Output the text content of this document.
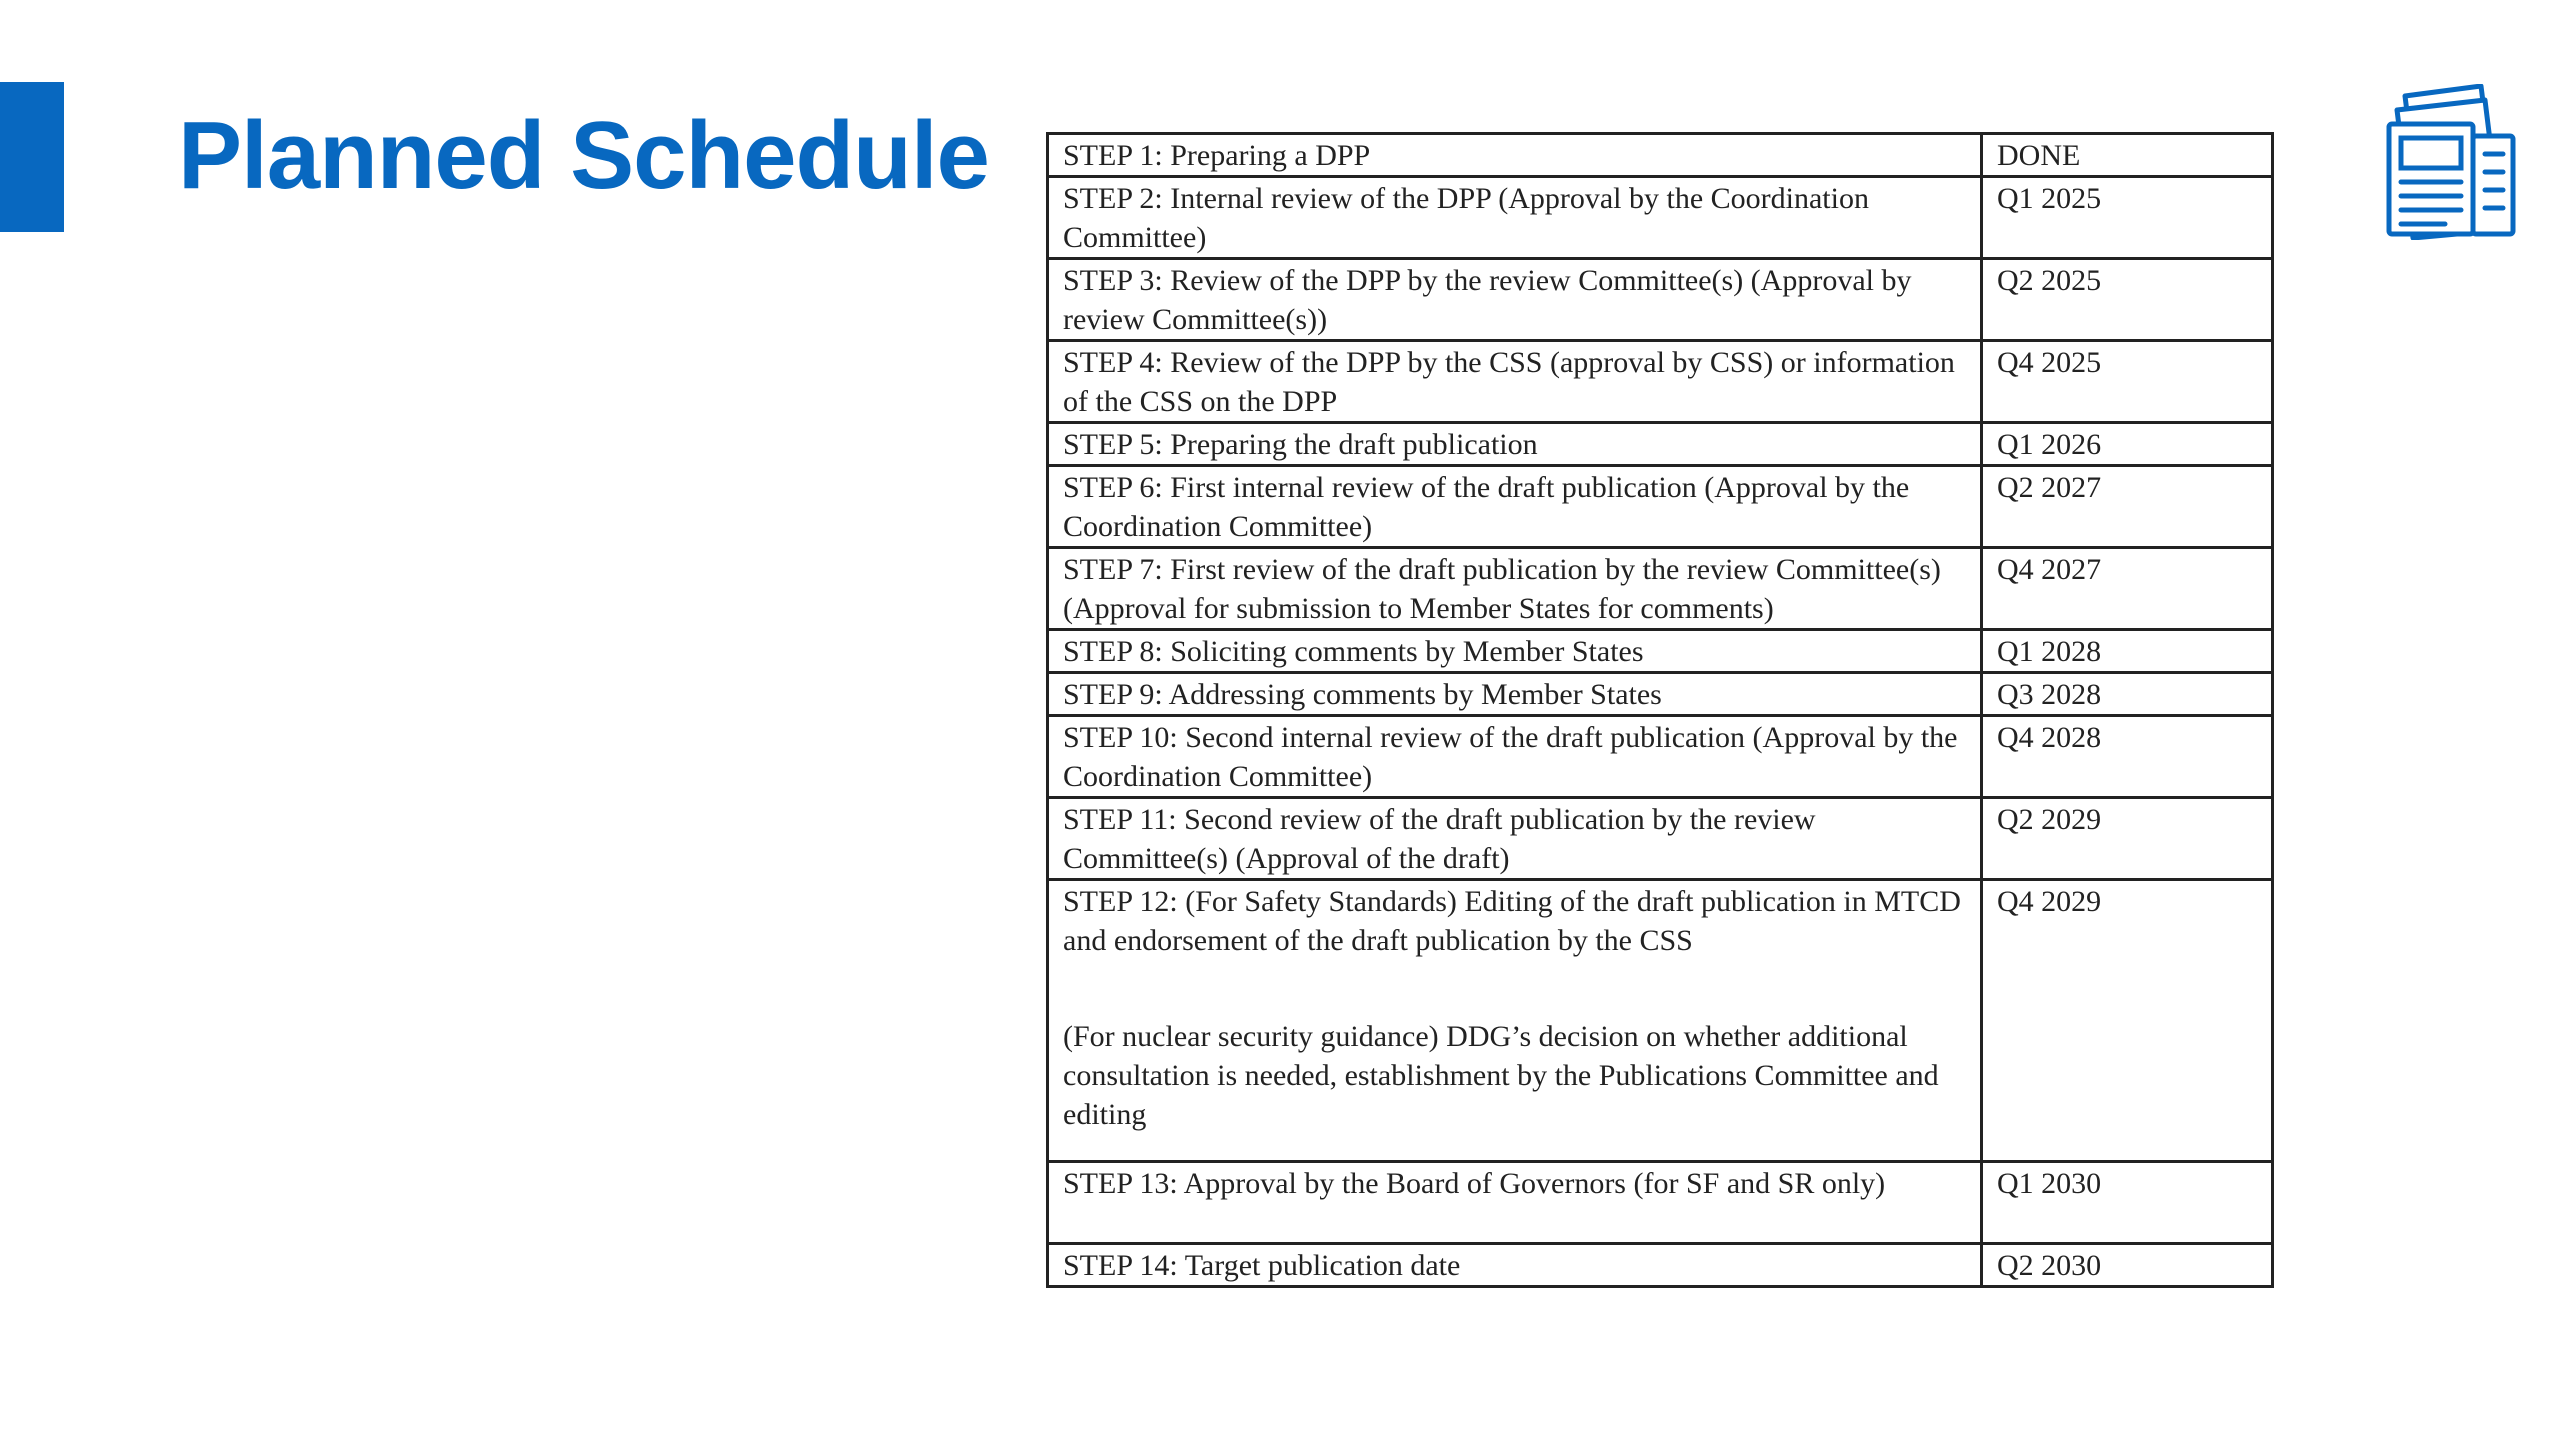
Planned Schedule STEP 1: Preparing a DPP	DONE

STEP 2: Internal review of the DPP (Approval by the Coordination Committee)	Q1 2025

STEP 3: Review of the DPP by the review Committee(s) (Approval by review Committee(s))	Q2 2025

STEP 4: Review of the DPP by the CSS (approval by CSS) or information of the CSS on the DPP	Q4 2025

STEP 5: Preparing the draft publication	Q1 2026

STEP 6: First internal review of the draft publication (Approval by the Coordination Committee)	Q2 2027

STEP 7: First review of the draft publication by the review Committee(s) (Approval for submission to Member States for comments)	Q4 2027

STEP 8: Soliciting comments by Member States	Q1 2028

STEP 9: Addressing comments by Member States	Q3 2028

STEP 10: Second internal review of the draft publication (Approval by the Coordination Committee)	Q4 2028

STEP 11: Second review of the draft publication by the review Committee(s) (Approval of the draft)	Q2 2029

STEP 12: (For Safety Standards) Editing of the draft publication in MTCD and endorsement of the draft publication by the CSS
(For nuclear security guidance) DDG’s decision on whether additional consultation is needed, establishment by the Publications Committee and editing	Q4 2029

STEP 13: Approval by the Board of Governors (for SF and SR only)	Q1 2030

STEP 14: Target publication date	Q2 2030
